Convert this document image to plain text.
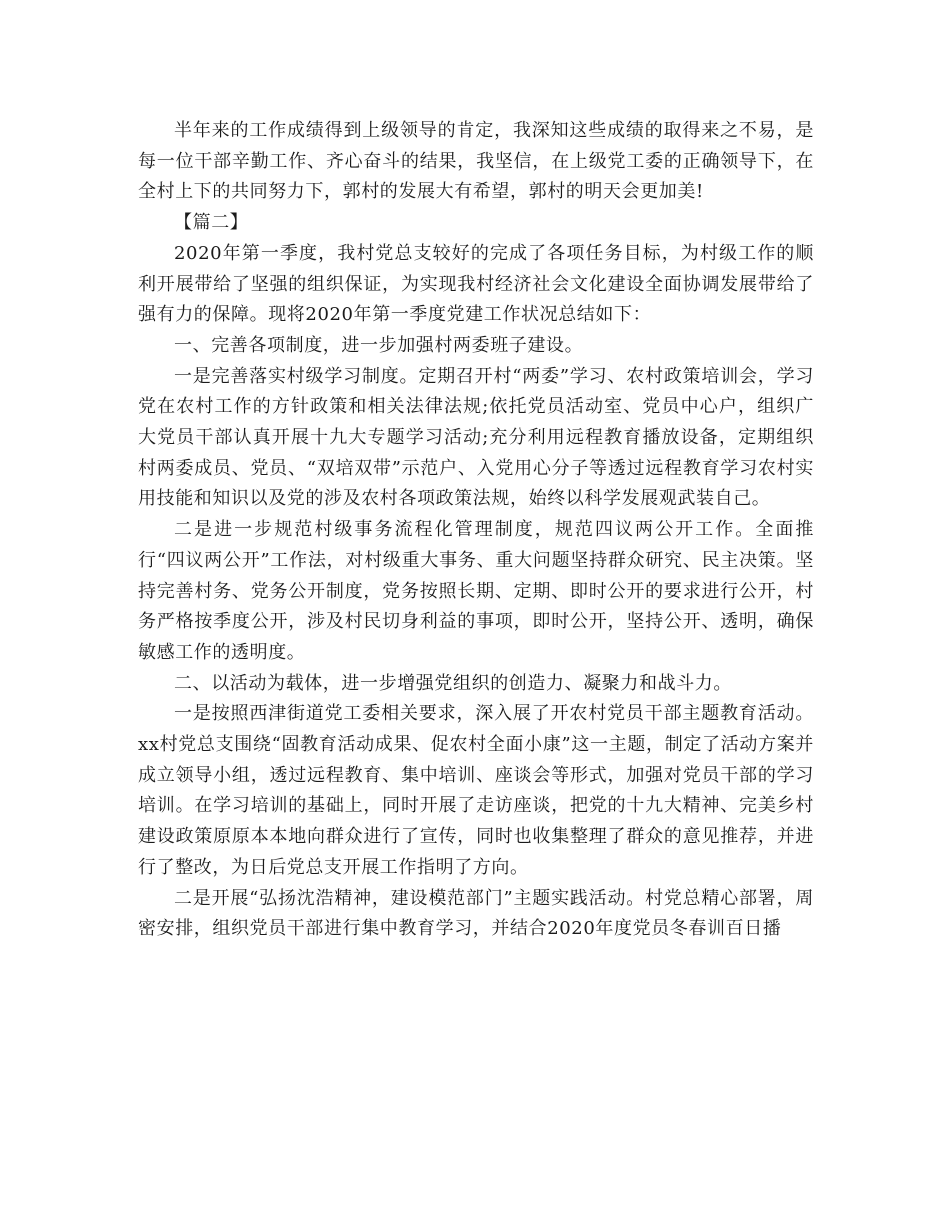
半年来的工作成绩得到上级领导的肯定，我深知这些成绩的取得来之不易，是每一位干部辛勤工作、齐心奋斗的结果，我坚信，在上级党工委的正确领导下，在全村上下的共同努力下，郭村的发展大有希望，郭村的明天会更加美!

【篇二】

2020年第一季度，我村党总支较好的完成了各项任务目标，为村级工作的顺利开展带给了坚强的组织保证，为实现我村经济社会文化建设全面协调发展带给了强有力的保障。现将2020年第一季度党建工作状况总结如下：

一、完善各项制度，进一步加强村两委班子建设。

一是完善落实村级学习制度。定期召开村“两委”学习、农村政策培训会，学习党在农村工作的方针政策和相关法律法规;依托党员活动室、党员中心户，组织广大党员干部认真开展十九大专题学习活动;充分利用远程教育播放设备，定期组织村两委成员、党员、“双培双带”示范户、入党用心分子等透过远程教育学习农村实用技能和知识以及党的涉及农村各项政策法规，始终以科学发展观武装自己。

二是进一步规范村级事务流程化管理制度，规范四议两公开工作。全面推行“四议两公开”工作法，对村级重大事务、重大问题坚持群众研究、民主决策。坚持完善村务、党务公开制度，党务按照长期、定期、即时公开的要求进行公开，村务严格按季度公开，涉及村民切身利益的事项，即时公开，坚持公开、透明，确保敏感工作的透明度。

二、以活动为载体，进一步增强党组织的创造力、凝聚力和战斗力。

一是按照西津街道党工委相关要求，深入展了开农村党员干部主题教育活动。xx村党总支围绕“固教育活动成果、促农村全面小康”这一主题，制定了活动方案并成立领导小组，透过远程教育、集中培训、座谈会等形式，加强对党员干部的学习培训。在学习培训的基础上，同时开展了走访座谈，把党的十九大精神、完美乡村建设政策原原本本地向群众进行了宣传，同时也收集整理了群众的意见推荐，并进行了整改，为日后党总支开展工作指明了方向。

二是开展“弘扬沈浩精神，建设模范部门”主题实践活动。村党总精心部署，周密安排，组织党员干部进行集中教育学习，并结合2020年度党员冬春训百日播
